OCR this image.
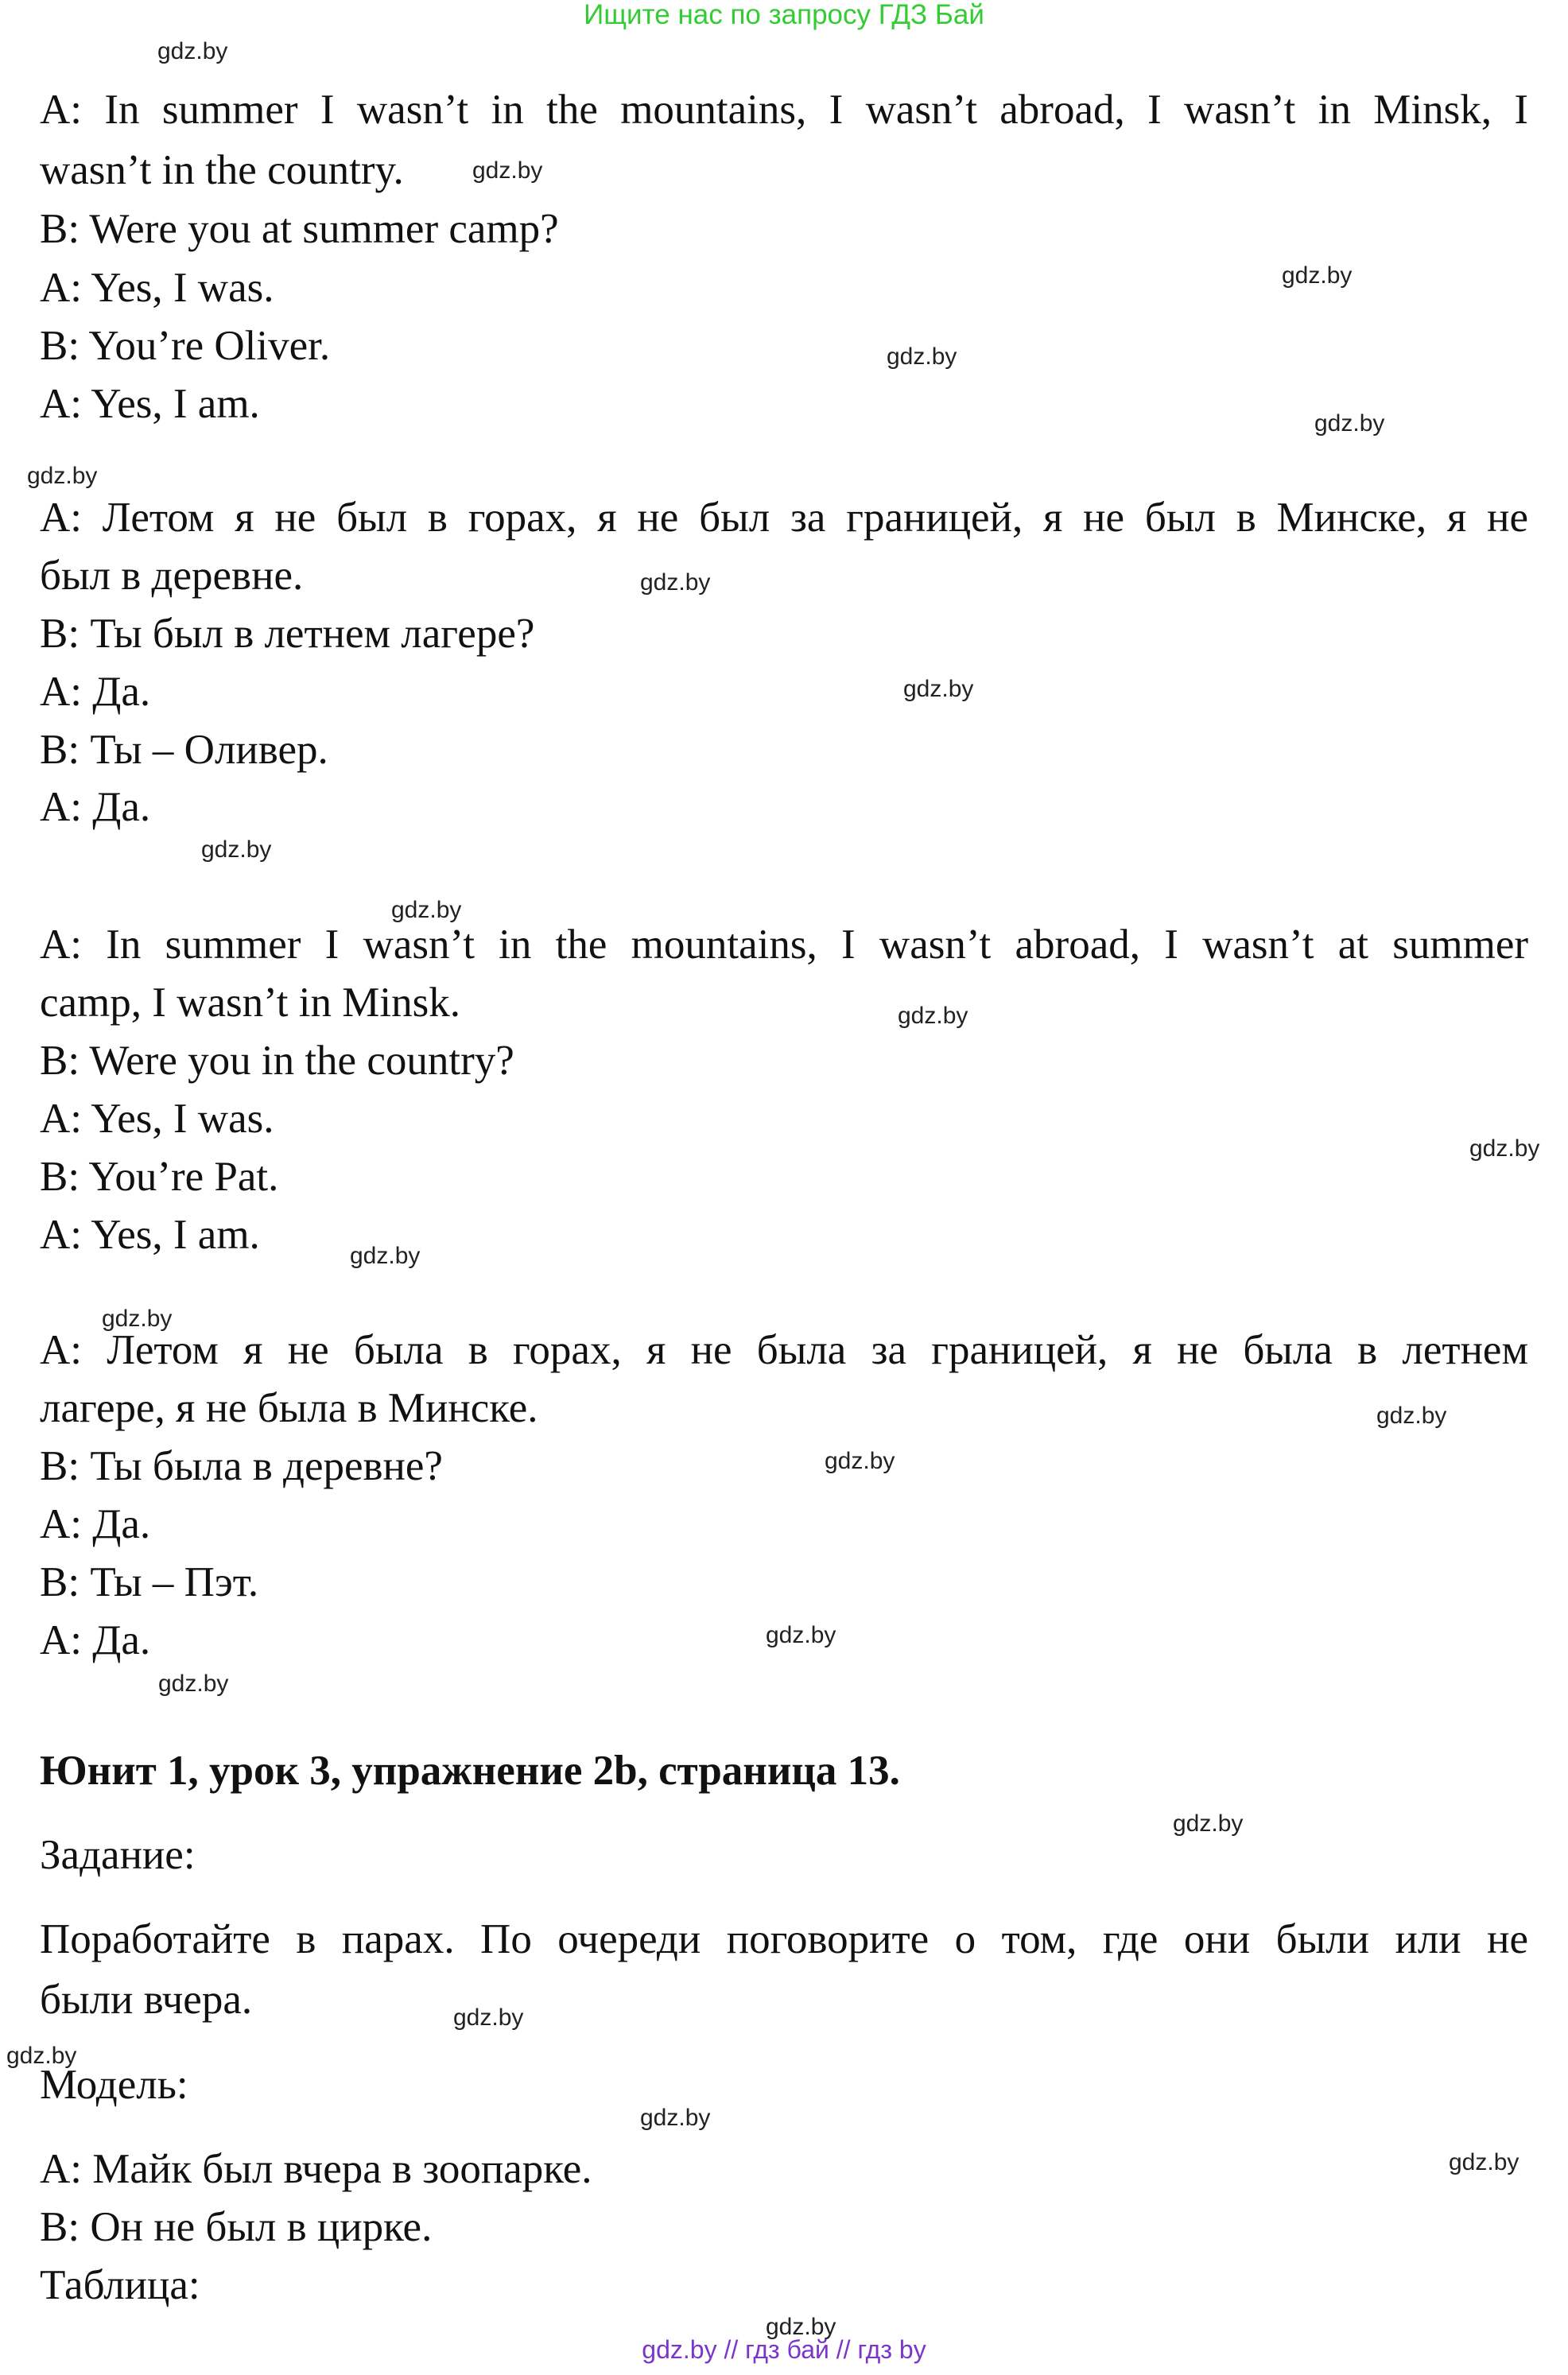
Ищите нас по запросу ГДЗ Бай
A: In summer I wasn’t in the mountains, I wasn’t abroad, I wasn’t in Minsk, I
wasn’t in the country.
B: Were you at summer camp?
A: Yes, I was.
B: You’re Oliver.
A: Yes, I am.
А: Летом я не был в горах, я не был за границей, я не был в Минске, я не
был в деревне.
В: Ты был в летнем лагере?
А: Да.
В: Ты – Оливер.
А: Да.
A: In summer I wasn’t in the mountains, I wasn’t abroad, I wasn’t at summer
camp, I wasn’t in Minsk.
B: Were you in the country?
A: Yes, I was.
B: You’re Pat.
A: Yes, I am.
А: Летом я не была в горах, я не была за границей, я не была в летнем
лагере, я не была в Минске.
В: Ты была в деревне?
А: Да.
В: Ты – Пэт.
А: Да.
Юнит 1, урок 3, упражнение 2b, страница 13.
Задание:
Поработайте в парах. По очереди поговорите о том, где они были или не
были вчера.
Модель:
А: Майк был вчера в зоопарке.
В: Он не был в цирке.
Таблица:
gdz.by
gdz.by
gdz.by
gdz.by
gdz.by
gdz.by
gdz.by
gdz.by
gdz.by
gdz.by
gdz.by
gdz.by
gdz.by
gdz.by
gdz.by
gdz.by
gdz.by
gdz.by
gdz.by
gdz.by
gdz.by
gdz.by
gdz.by
gdz.by
gdz.by // гдз бай // гдз by
